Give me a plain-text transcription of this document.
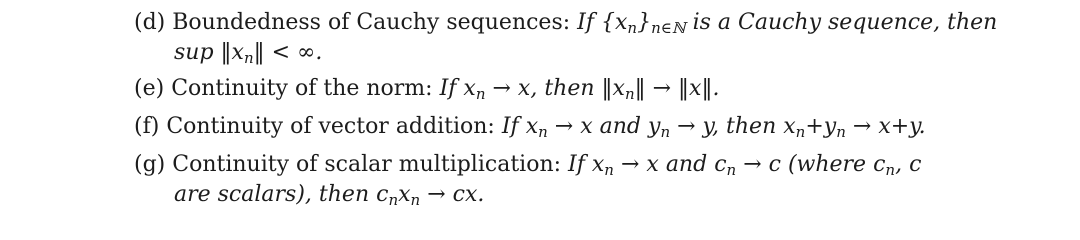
(d) Boundedness of Cauchy sequences: If $\{x_n\}_{n\in ℕ}$ is a Cauchy sequence, then
sup $‖x_n‖$ < ∞.
(e) Continuity of the norm: If $x_n \to x$, then $‖x_n‖$ → ‖x‖.
(f) Continuity of vector addition: If $x_n \to x$ and $y_n \to y$, then $x_n+y_n \to x+y$.
(g) Continuity of scalar multiplication: If $x_n \to x$ and $c_n \to c$ (where $c_n$, c
are scalars), then $c_nx_n$ → cx.
